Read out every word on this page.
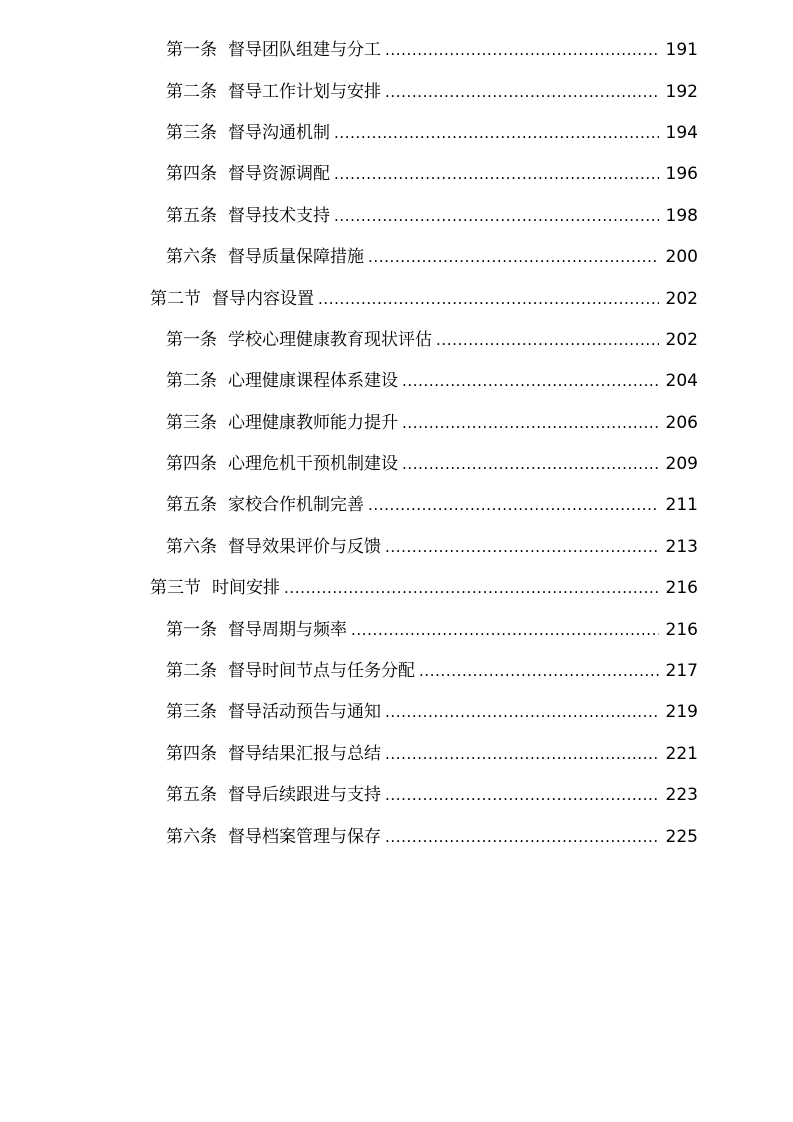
第一条 督导团队组建与分工 .....	191
第二条 督导工作计划与安排 .....	192
第三条 督导沟通机制 .....	194
第四条 督导资源调配 .....	196
第五条 督导技术支持 .....	198
第六条 督导质量保障措施 .....	200
第二节 督导内容设置 .....	202
第一条 学校心理健康教育现状评估 .....	202
第二条 心理健康课程体系建设 .....	204
第三条 心理健康教师能力提升 .....	206
第四条 心理危机干预机制建设 .....	209
第五条 家校合作机制完善 .....	211
第六条 督导效果评价与反馈 .....	213
第三节 时间安排 .....	216
第一条 督导周期与频率 .....	216
第二条 督导时间节点与任务分配 .....	217
第三条 督导活动预告与通知 .....	219
第四条 督导结果汇报与总结 .....	221
第五条 督导后续跟进与支持 .....	223
第六条 督导档案管理与保存 .....	225
